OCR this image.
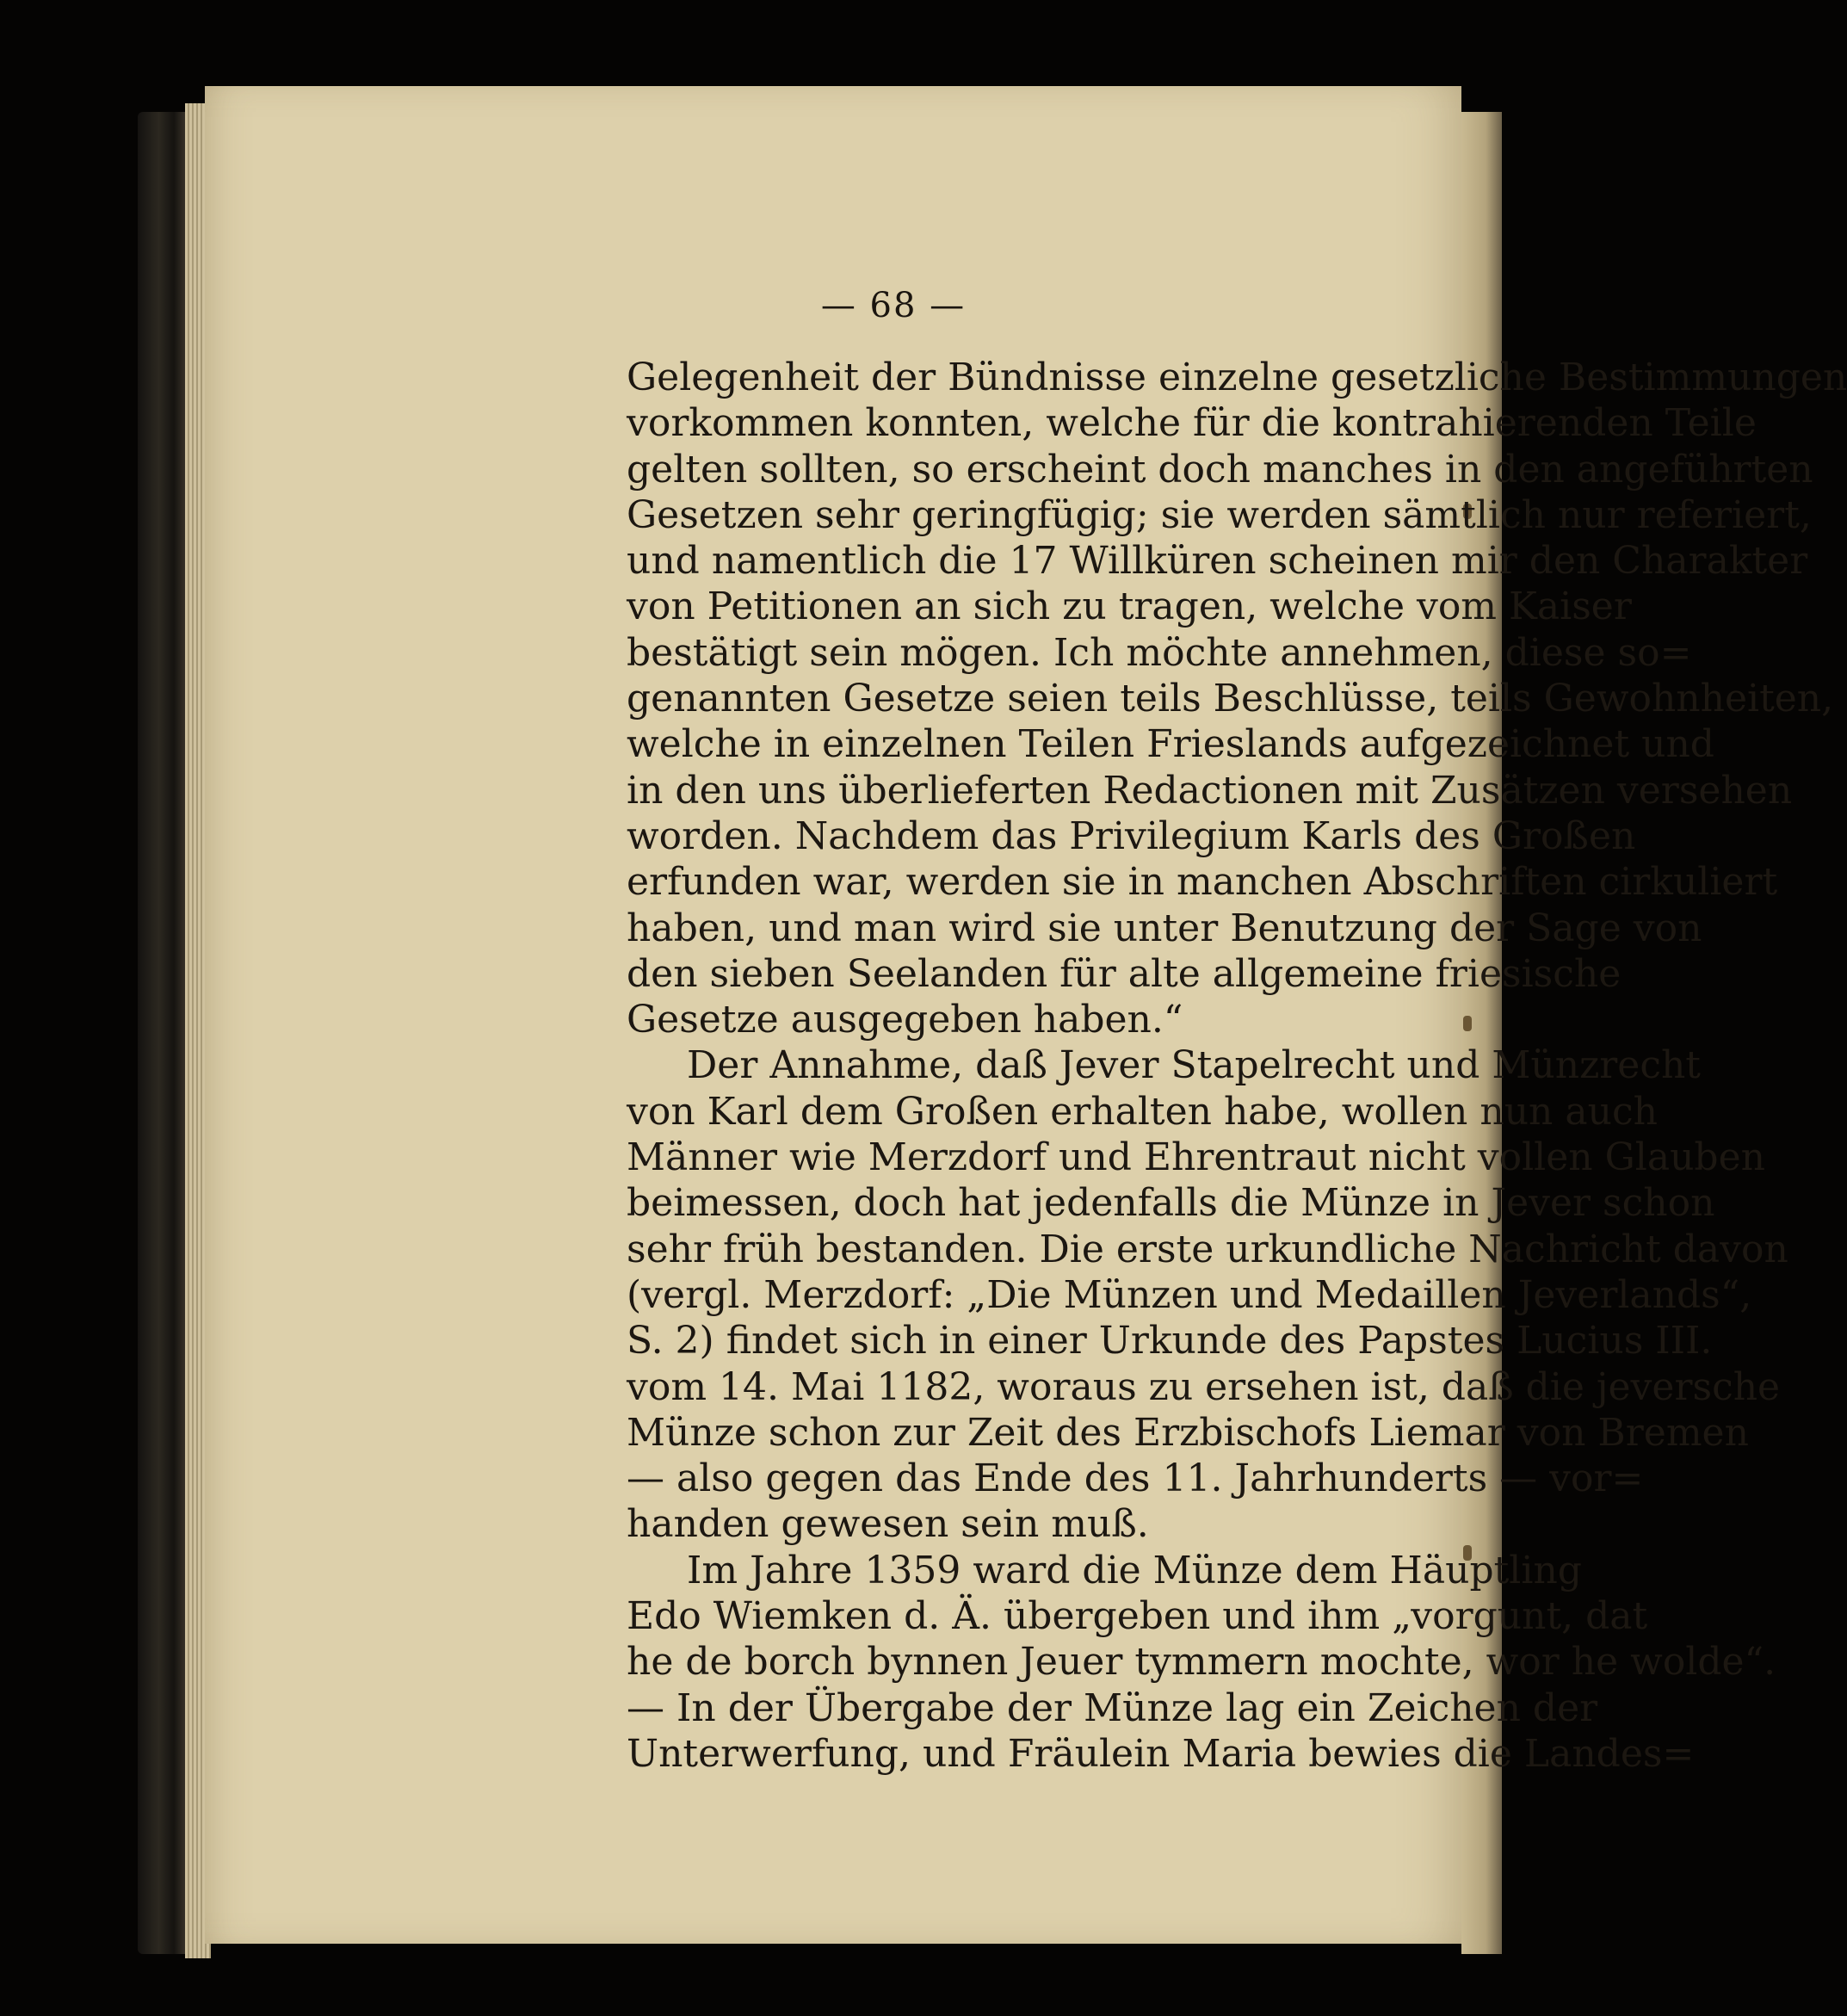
— 68 —
Gelegenheit der Bündnisse einzelne gesetzliche Bestimmungen
vorkommen konnten, welche für die kontrahierenden Teile
gelten sollten, so erscheint doch manches in den angeführten
Gesetzen sehr geringfügig; sie werden sämtlich nur referiert,
und namentlich die 17 Willküren scheinen mir den Charakter
von Petitionen an sich zu tragen, welche vom Kaiser
bestätigt sein mögen. Ich möchte annehmen, diese so=
genannten Gesetze seien teils Beschlüsse, teils Gewohnheiten,
welche in einzelnen Teilen Frieslands aufgezeichnet und
in den uns überlieferten Redactionen mit Zusätzen versehen
worden. Nachdem das Privilegium Karls des Großen
erfunden war, werden sie in manchen Abschriften cirkuliert
haben, und man wird sie unter Benutzung der Sage von
den sieben Seelanden für alte allgemeine friesische
Gesetze ausgegeben haben.“
Der Annahme, daß Jever Stapelrecht und Münzrecht
von Karl dem Großen erhalten habe, wollen nun auch
Männer wie Merzdorf und Ehrentraut nicht vollen Glauben
beimessen, doch hat jedenfalls die Münze in Jever schon
sehr früh bestanden. Die erste urkundliche Nachricht davon
(vergl. Merzdorf: „Die Münzen und Medaillen Jeverlands“,
S. 2) findet sich in einer Urkunde des Papstes Lucius III.
vom 14. Mai 1182, woraus zu ersehen ist, daß die jeversche
Münze schon zur Zeit des Erzbischofs Liemar von Bremen
— also gegen das Ende des 11. Jahrhunderts — vor=
handen gewesen sein muß.
Im Jahre 1359 ward die Münze dem Häuptling
Edo Wiemken d. Ä. übergeben und ihm „vorgunt, dat
he de borch bynnen Jeuer tymmern mochte, wor he wolde“.
— In der Übergabe der Münze lag ein Zeichen der
Unterwerfung, und Fräulein Maria bewies die Landes=
